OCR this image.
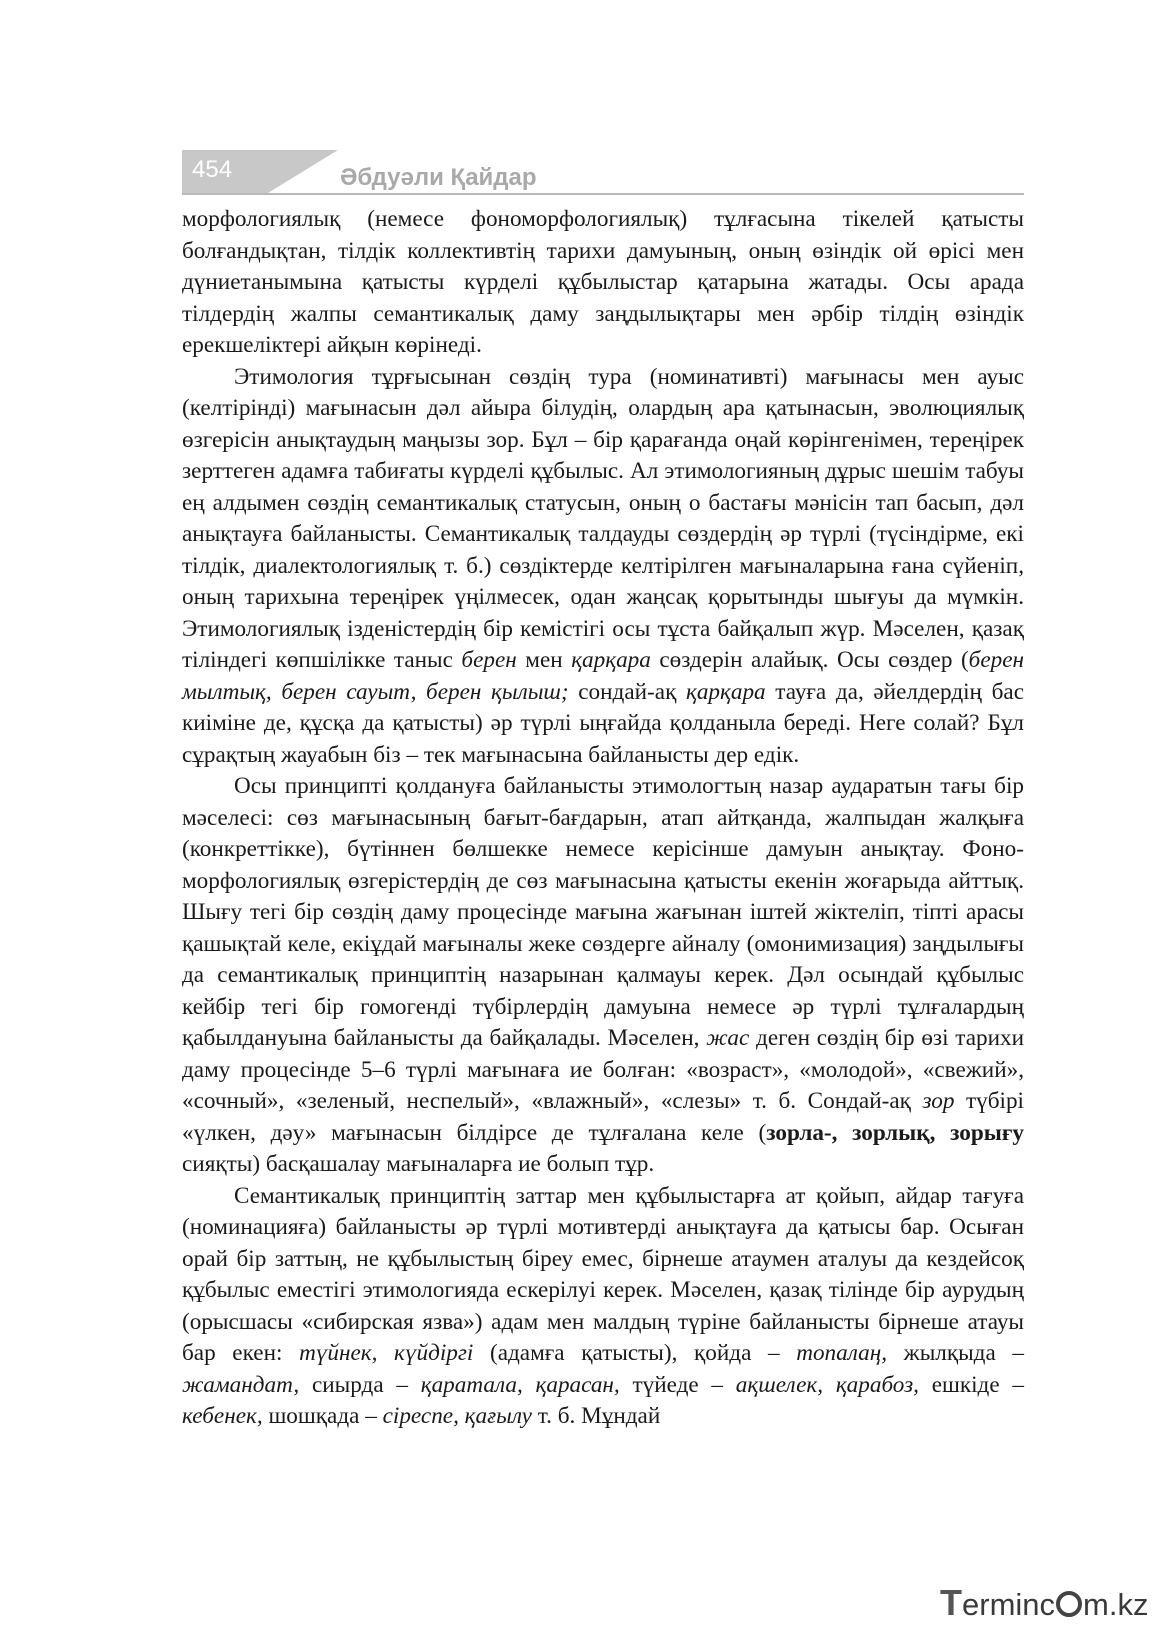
454	Әбдуәли Қайдар

морфологиялық (немесе фономорфологиялық) тұлғасына тікелей қатысты болғандықтан, тілдік коллективтің тарихи дамуының, оның өзіндік ой өрісі мен дүниетанымына қатысты күрделі құбылыстар қатарына жатады. Осы арада тілдердің жалпы семантикалық даму заңдылықтары мен әрбір тілдің өзіндік ерекшеліктері айқын көрінеді.

Этимология тұрғысынан сөздің тура (номинативті) мағынасы мен ауыс (келтірінді) мағынасын дәл айыра білудің, олардың ара қатынасын, эволюциялық өзгерісін анықтаудың маңызы зор. Бұл – бір қарағанда оңай көрінгенімен, тереңірек зерттеген адамға табиғаты күрделі құбылыс. Ал этимологияның дұрыс шешім табуы ең алдымен сөздің семантикалық статусын, оның о бастағы мәнісін тап басып, дәл анықтауға байланысты. Семантикалық талдауды сөздердің әр түрлі (түсіндірме, екі тілдік, диалектологиялық т. б.) сөздіктерде келтірілген мағыналарына ғана сүйеніп, оның тарихына тереңірек үңілмесек, одан жаңсақ қорытынды шығуы да мүмкін. Этимологиялық ізденістердің бір кемістігі осы тұста байқалып жүр. Мәселен, қазақ тіліндегі көпшілікке таныс берен мен қарқара сөздерін алайық. Осы сөздер (берен мылтық, берен сауыт, берен қылыш; сондай-ақ қарқара тауға да, әйелдердің бас киіміне де, құсқа да қатысты) әр түрлі ыңғайда қолданыла береді. Неге солай? Бұл сұрақтың жауабын біз – тек мағынасына байланысты дер едік.

Осы принципті қолдануға байланысты этимологтың назар аударатын тағы бір мәселесі: сөз мағынасының бағыт-бағдарын, атап айтқанда, жалпыдан жалқыға (конкреттікке), бүтіннен бөлшекке немесе керісінше дамуын анықтау. Фоно-морфологиялық өзгерістердің де сөз мағынасына қатысты екенін жоғарыда айттық. Шығу тегі бір сөздің даму процесінде мағына жағынан іштей жіктеліп, тіпті арасы қашықтай келе, екіұдай мағыналы жеке сөздерге айналу (омонимизация) заңдылығы да семантикалық принциптің назарынан қалмауы керек. Дәл осындай құбылыс кейбір тегі бір гомогенді түбірлердің дамуына немесе әр түрлі тұлғалардың қабылдануына байланысты да байқалады. Мәселен, жас деген сөздің бір өзі тарихи даму процесінде 5–6 түрлі мағынаға ие болған: «возраст», «молодой», «свежий», «сочный», «зеленый, неспелый», «влажный», «слезы» т. б. Сондай-ақ зор түбірі «үлкен, дәу» мағынасын білдірсе де тұлғалана келе (зорла-, зорлық, зорығу сияқты) басқашалау мағыналарға ие болып тұр.

Семантикалық принциптің заттар мен құбылыстарға ат қойып, айдар тағуға (номинацияға) байланысты әр түрлі мотивтерді анықтауға да қатысы бар. Осыған орай бір заттың, не құбылыстың біреу емес, бірнеше атаумен аталуы да кездейсоқ құбылыс еместігі этимологияда ескерілуі керек. Мәселен, қазақ тілінде бір аурудың (орысшасы «сибирская язва») адам мен малдың түріне байланысты бірнеше атауы бар екен: түйнек, күйдіргі (адамға қатысты), қойда – топалаң, жылқыда – жамандат, сиырда – қаратала, қарасан, түйеде – ақшелек, қарабоз, ешкіде – кебенек, шошқада – сіреспе, қағылу т. б. Мұндай

Terminc m.kz
